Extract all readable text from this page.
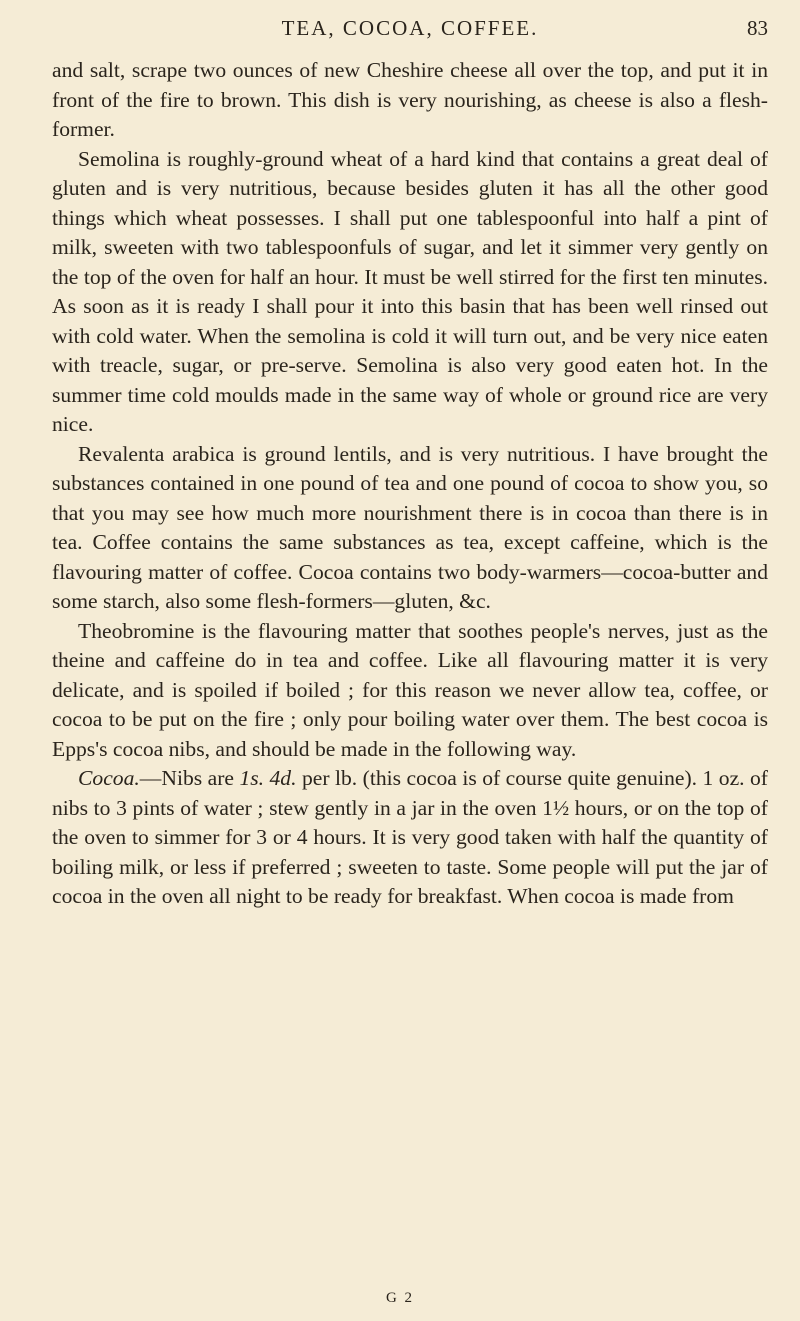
TEA, COCOA, COFFEE.	83

and salt, scrape two ounces of new Cheshire cheese all over the top, and put it in front of the fire to brown. This dish is very nourishing, as cheese is also a flesh-former.

Semolina is roughly-ground wheat of a hard kind that contains a great deal of gluten and is very nutritious, because besides gluten it has all the other good things which wheat possesses. I shall put one tablespoonful into half a pint of milk, sweeten with two tablespoonfuls of sugar, and let it simmer very gently on the top of the oven for half an hour. It must be well stirred for the first ten minutes. As soon as it is ready I shall pour it into this basin that has been well rinsed out with cold water. When the semolina is cold it will turn out, and be very nice eaten with treacle, sugar, or pre-serve. Semolina is also very good eaten hot. In the summer time cold moulds made in the same way of whole or ground rice are very nice.

Revalenta arabica is ground lentils, and is very nutritious. I have brought the substances contained in one pound of tea and one pound of cocoa to show you, so that you may see how much more nourishment there is in cocoa than there is in tea. Coffee contains the same substances as tea, except caffeine, which is the flavouring matter of coffee. Cocoa contains two body-warmers—cocoa-butter and some starch, also some flesh-formers—gluten, &c.

Theobromine is the flavouring matter that soothes people's nerves, just as the theine and caffeine do in tea and coffee. Like all flavouring matter it is very delicate, and is spoiled if boiled ; for this reason we never allow tea, coffee, or cocoa to be put on the fire ; only pour boiling water over them. The best cocoa is Epps's cocoa nibs, and should be made in the following way.

Cocoa.—Nibs are 1s. 4d. per lb. (this cocoa is of course quite genuine). 1 oz. of nibs to 3 pints of water ; stew gently in a jar in the oven 1½ hours, or on the top of the oven to simmer for 3 or 4 hours. It is very good taken with half the quantity of boiling milk, or less if preferred ; sweeten to taste. Some people will put the jar of cocoa in the oven all night to be ready for breakfast. When cocoa is made from

G 2
